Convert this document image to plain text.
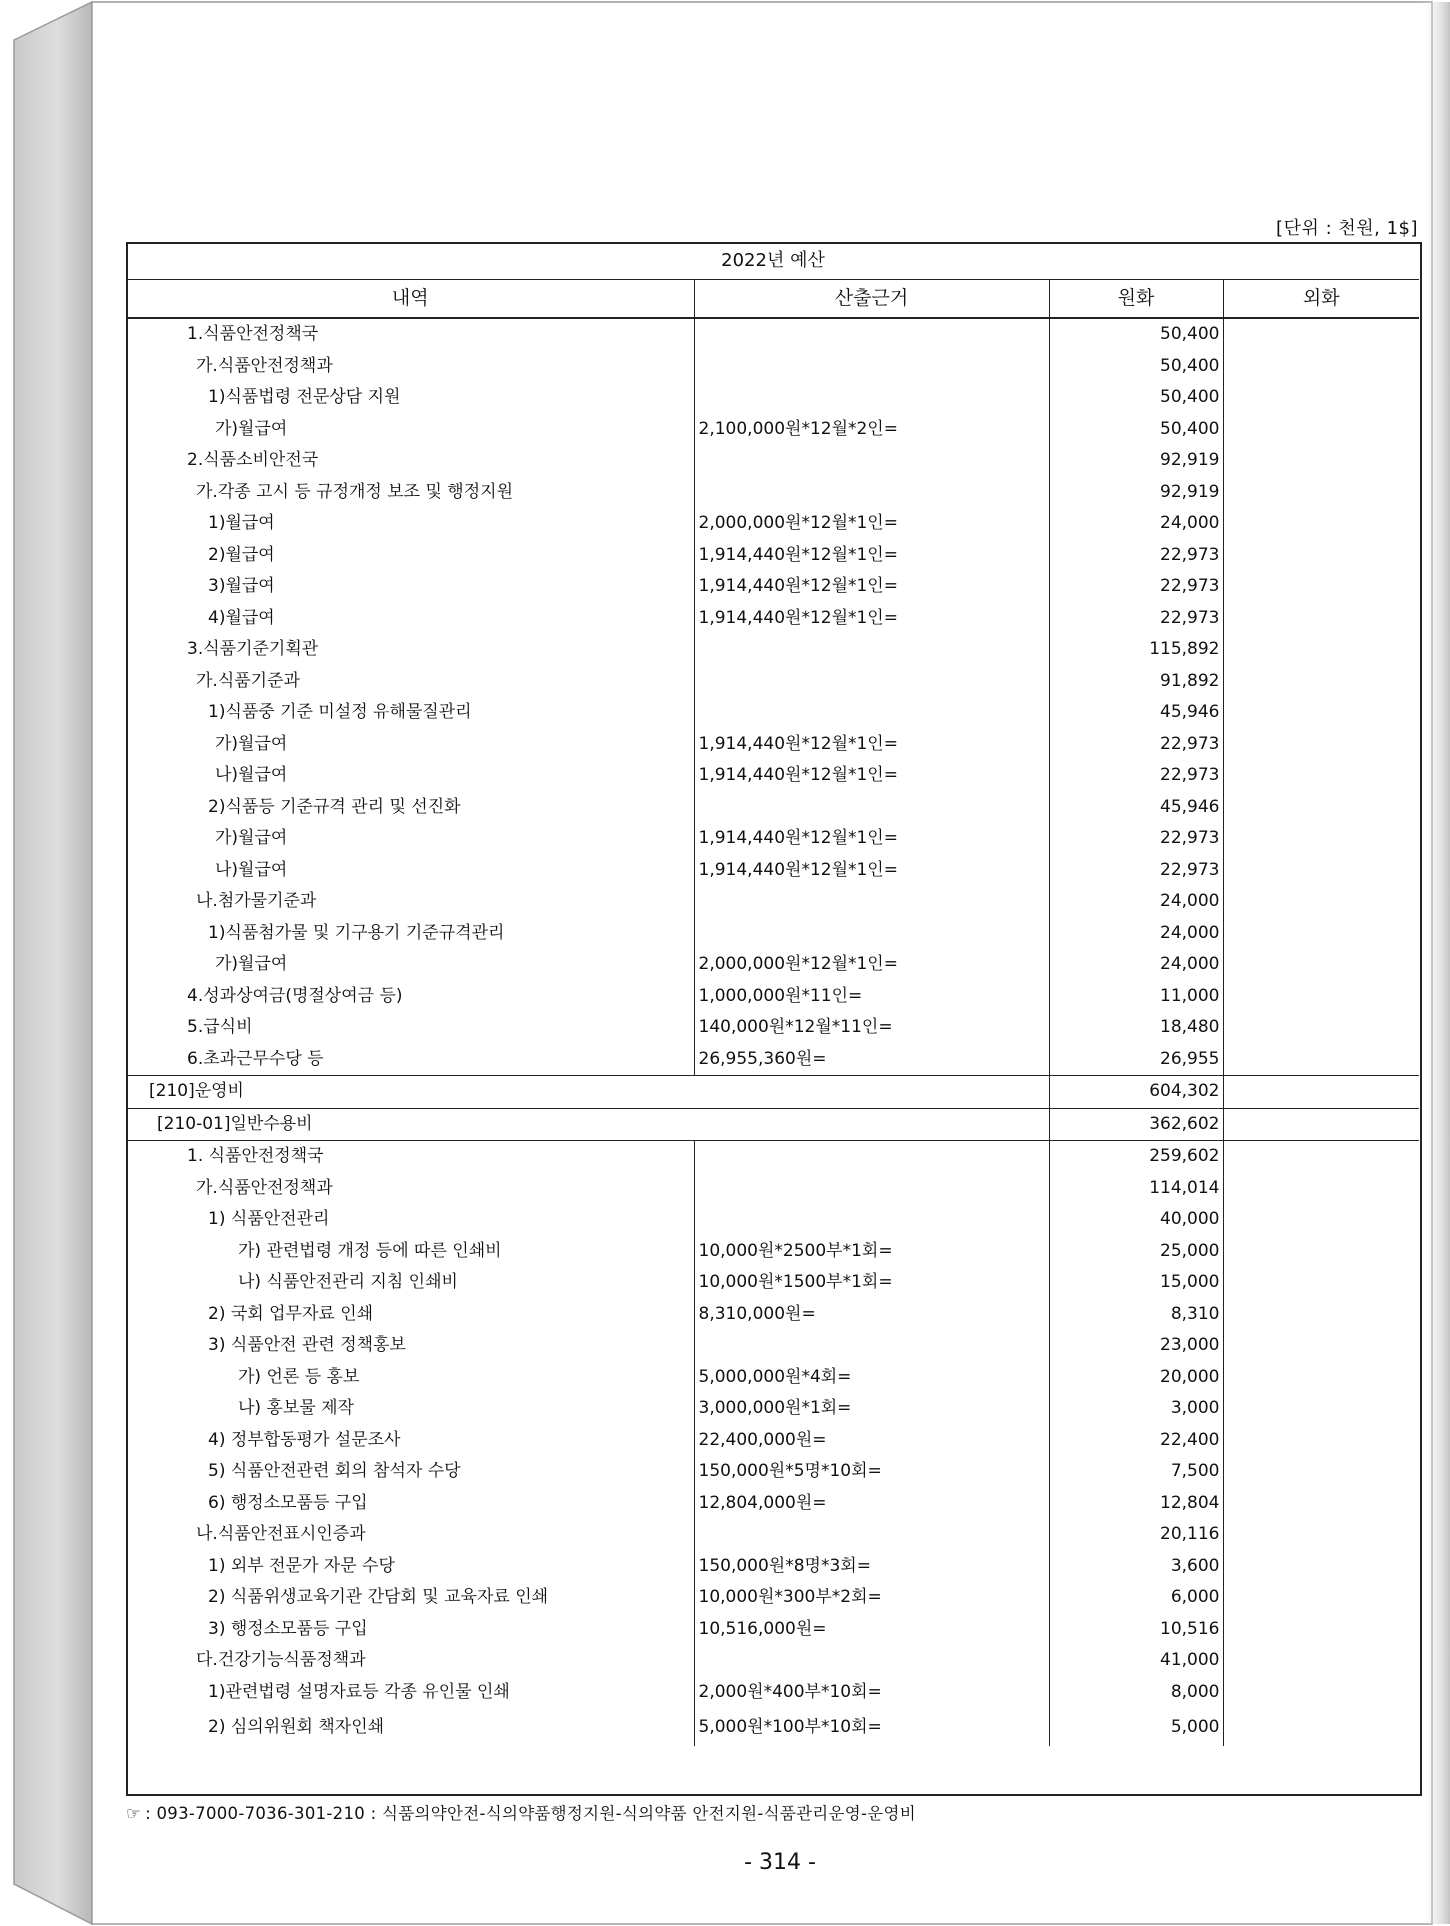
[단위 : 천원, 1$]
2022년 예산			
내역	산출근거	원화	외화
1.식품안전정책국		50,400	
가.식품안전정책과		50,400	
1)식품법령 전문상담 지원		50,400	
가)월급여	2,100,000원*12월*2인=	50,400	
2.식품소비안전국		92,919	
가.각종 고시 등 규정개정 보조 및 행정지원		92,919	
1)월급여	2,000,000원*12월*1인=	24,000	
2)월급여	1,914,440원*12월*1인=	22,973	
3)월급여	1,914,440원*12월*1인=	22,973	
4)월급여	1,914,440원*12월*1인=	22,973	
3.식품기준기획관		115,892	
가.식품기준과		91,892	
1)식품중 기준 미설정 유해물질관리		45,946	
가)월급여	1,914,440원*12월*1인=	22,973	
나)월급여	1,914,440원*12월*1인=	22,973	
2)식품등 기준규격 관리 및 선진화		45,946	
가)월급여	1,914,440원*12월*1인=	22,973	
나)월급여	1,914,440원*12월*1인=	22,973	
나.첨가물기준과		24,000	
1)식품첨가물 및 기구용기 기준규격관리		24,000	
가)월급여	2,000,000원*12월*1인=	24,000	
4.성과상여금(명절상여금 등)	1,000,000원*11인=	11,000	
5.급식비	140,000원*12월*11인=	18,480	
6.초과근무수당 등	26,955,360원=	26,955	
[210]운영비		604,302	
[210-01]일반수용비		362,602	
1. 식품안전정책국		259,602	
가.식품안전정책과		114,014	
1) 식품안전관리		40,000	
가) 관련법령 개정 등에 따른 인쇄비	10,000원*2500부*1회=	25,000	
나) 식품안전관리 지침 인쇄비	10,000원*1500부*1회=	15,000	
2) 국회 업무자료 인쇄	8,310,000원=	8,310	
3) 식품안전 관련 정책홍보		23,000	
가) 언론 등 홍보	5,000,000원*4회=	20,000	
나) 홍보물 제작	3,000,000원*1회=	3,000	
4) 정부합동평가 설문조사	22,400,000원=	22,400	
5) 식품안전관련 회의 참석자 수당	150,000원*5명*10회=	7,500	
6) 행정소모품등 구입	12,804,000원=	12,804	
나.식품안전표시인증과		20,116	
1) 외부 전문가 자문 수당	150,000원*8명*3회=	3,600	
2) 식품위생교육기관 간담회 및 교육자료 인쇄	10,000원*300부*2회=	6,000	
3) 행정소모품등 구입	10,516,000원=	10,516	
다.건강기능식품정책과		41,000	
1)관련법령 설명자료등 각종 유인물 인쇄	2,000원*400부*10회=	8,000	
2) 심의위원회 책자인쇄	5,000원*100부*10회=	5,000	
☞ : 093-7000-7036-301-210 : 식품의약안전-식의약품행정지원-식의약품 안전지원-식품관리운영-운영비
- 314 -
